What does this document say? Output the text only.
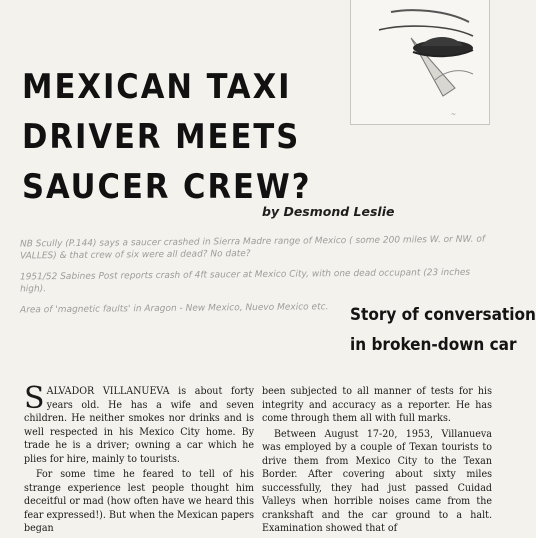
~
MEXICAN TAXI
DRIVER MEETS
SAUCER CREW?
by Desmond Leslie
NB Scully (P.144) says a saucer crashed in Sierra Madre range of Mexico ( some 200 miles W. or NW. of VALLES) & that crew of six were all dead? No date?
1951/52 Sabines Post reports crash of 4ft saucer at Mexico City, with one dead occupant (23 inches high).
Area of 'magnetic faults' in Aragon - New Mexico, Nuevo Mexico etc.	Story of conversation
in broken-down car

SALVADOR VILLANUEVA is about forty years old. He has a wife and seven children. He neither smokes nor drinks and is well respected in his Mexico City home. By trade he is a driver; owning a car which he plies for hire, mainly to tourists.

For some time he feared to tell of his strange experience lest people thought him deceitful or mad (how often have we heard this fear expressed!). But when the Mexican papers began

been subjected to all manner of tests for his integrity and accuracy as a reporter. He has come through them all with full marks.

Between August 17-20, 1953, Villanueva was employed by a couple of Texan tourists to drive them from Mexico City to the Texan Border. After covering about sixty miles successfully, they had just passed Cuidad Valleys when horrible noises came from the crankshaft and the car ground to a halt. Examination showed that of
